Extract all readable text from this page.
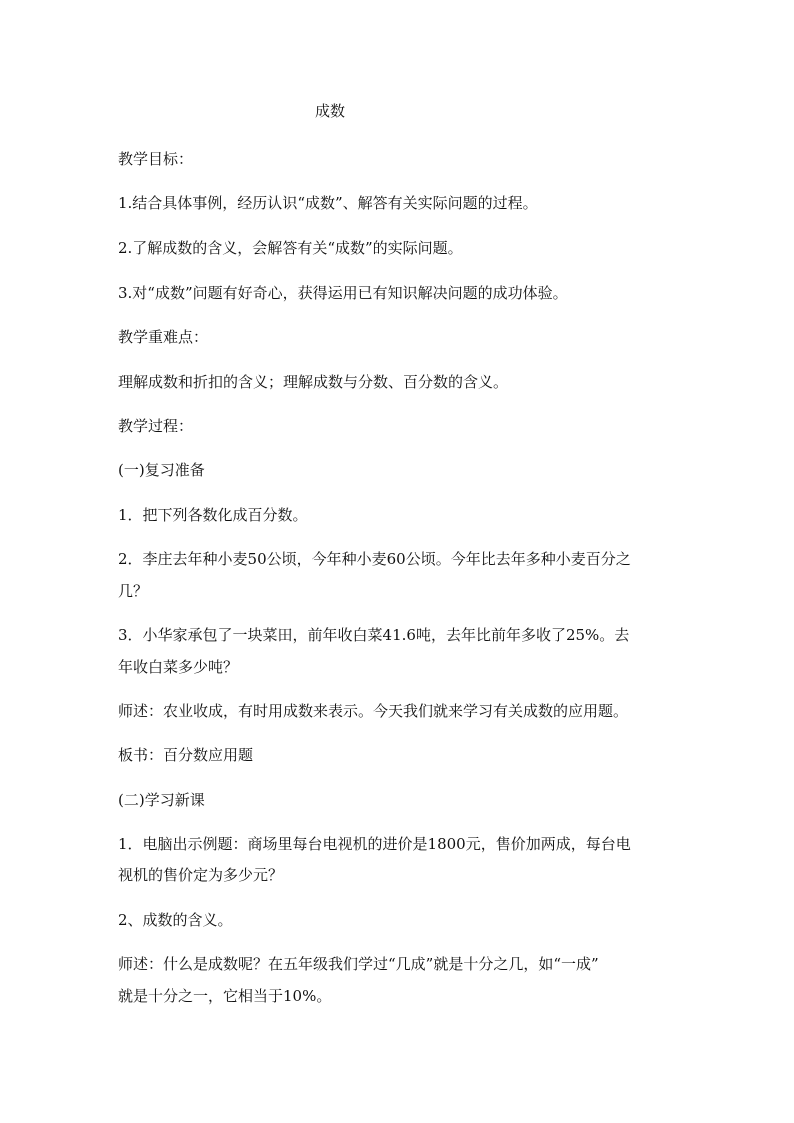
成数
教学目标：
1.结合具体事例，经历认识“成数”、解答有关实际问题的过程。
2.了解成数的含义，会解答有关“成数”的实际问题。
3.对“成数”问题有好奇心，获得运用已有知识解决问题的成功体验。
教学重难点：
理解成数和折扣的含义；理解成数与分数、百分数的含义。
教学过程：
(一)复习准备
1．把下列各数化成百分数。
2．李庄去年种小麦50公顷，今年种小麦60公顷。今年比去年多种小麦百分之
几？
3．小华家承包了一块菜田，前年收白菜41.6吨，去年比前年多收了25%。去
年收白菜多少吨？
师述：农业收成，有时用成数来表示。今天我们就来学习有关成数的应用题。
板书：百分数应用题
(二)学习新课
1．电脑出示例题：商场里每台电视机的进价是1800元，售价加两成，每台电
视机的售价定为多少元？
2、成数的含义。
师述：什么是成数呢？在五年级我们学过“几成”就是十分之几，如“一成”
就是十分之一，它相当于10%。
